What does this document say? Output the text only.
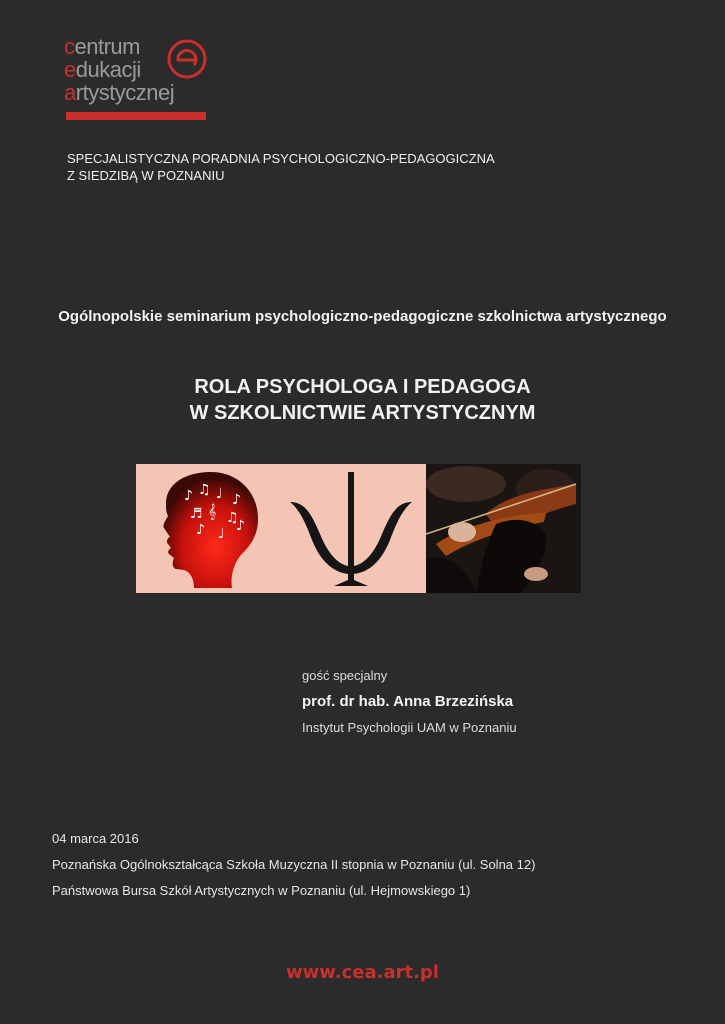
centrum
edukacji
artystycznej
SPECJALISTYCZNA PORADNIA PSYCHOLOGICZNO-PEDAGOGICZNA
Z SIEDZIBĄ W POZNANIU
Ogólnopolskie seminarium psychologiczno-pedagogiczne szkolnictwa artystycznego
ROLA PSYCHOLOGA I PEDAGOGA
W SZKOLNICTWIE ARTYSTYCZNYM
♪ ♫ ♩ ♪
♬ 𝄞 ♫
♪ ♩ ♪
gość specjalny
prof. dr hab. Anna Brzezińska
Instytut Psychologii UAM w Poznaniu
04 marca 2016
Poznańska Ogólnokształcąca Szkoła Muzyczna II stopnia w Poznaniu (ul. Solna 12)
Państwowa Bursa Szkół Artystycznych w Poznaniu (ul. Hejmowskiego 1)
www.cea.art.pl
